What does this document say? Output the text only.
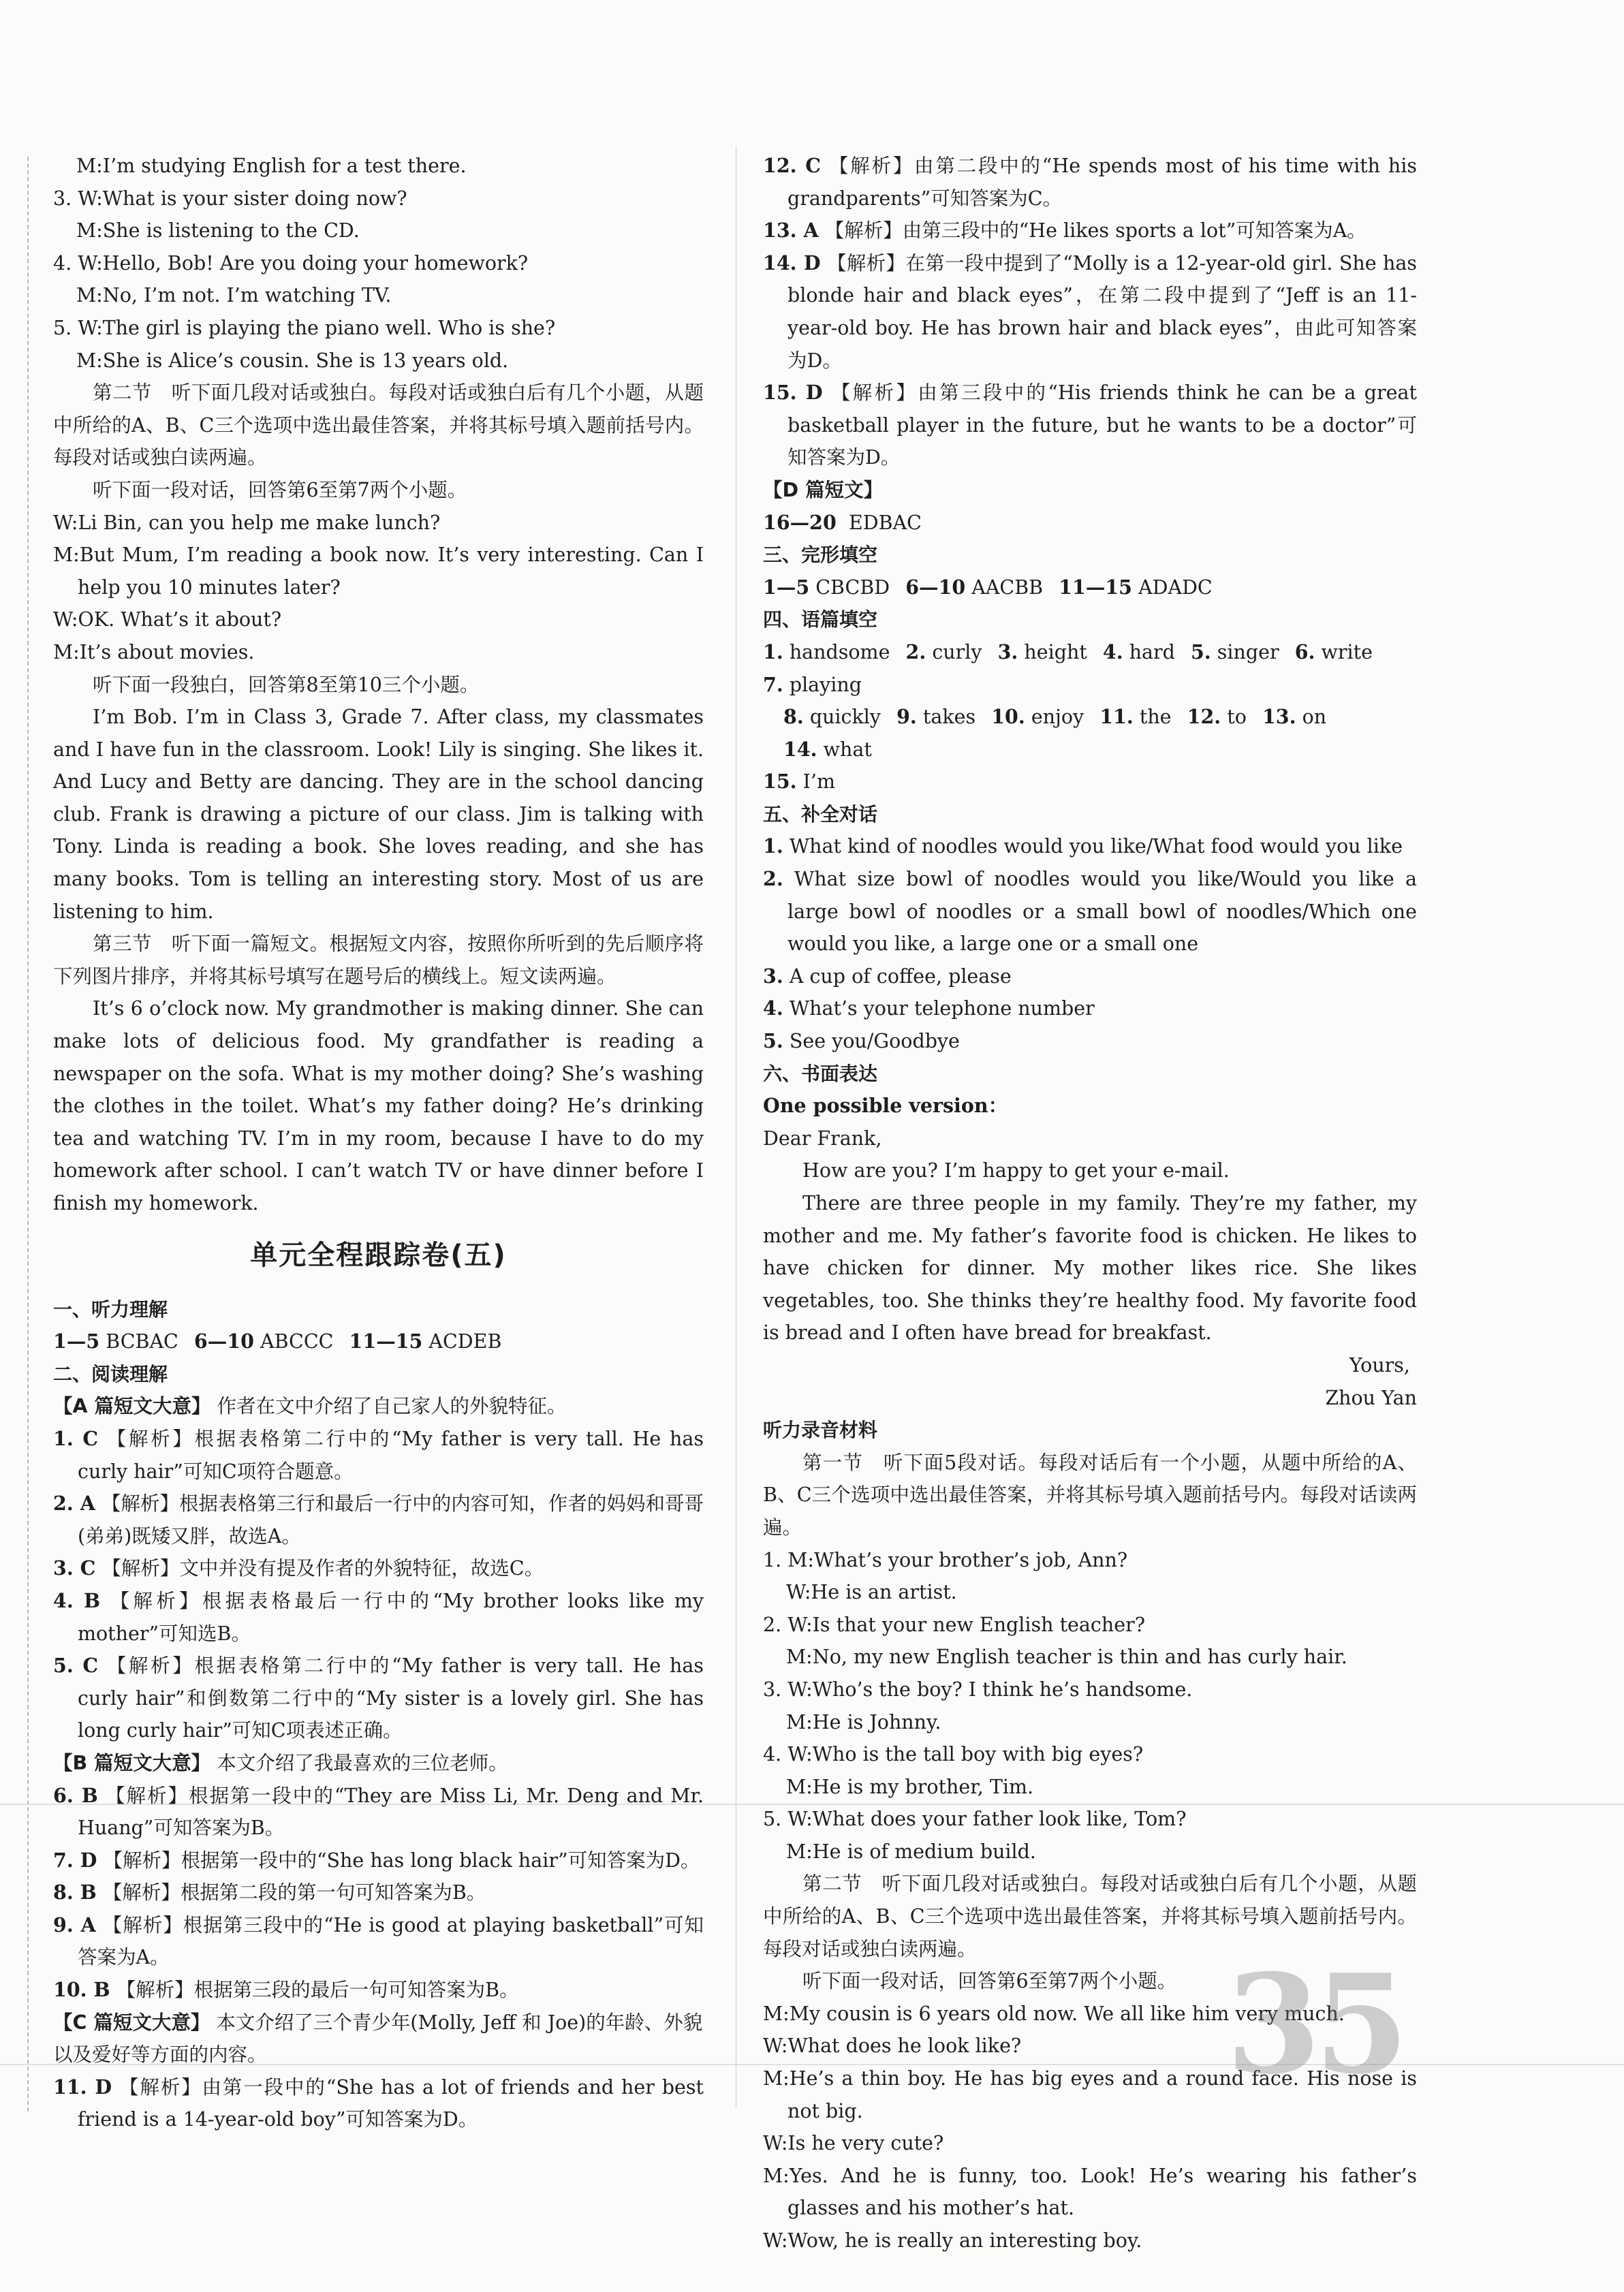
M:I’m studying English for a test there.

3. W:What is your sister doing now?

M:She is listening to the CD.

4. W:Hello, Bob! Are you doing your homework?

M:No, I’m not. I’m watching TV.

5. W:The girl is playing the piano well. Who is she?

M:She is Alice’s cousin. She is 13 years old.

第二节　听下面几段对话或独白。每段对话或独白后有几个小题，从题中所给的A、B、C三个选项中选出最佳答案，并将其标号填入题前括号内。每段对话或独白读两遍。

听下面一段对话，回答第6至第7两个小题。

W:Li Bin, can you help me make lunch?

M:But Mum, I’m reading a book now. It’s very interesting. Can I help you 10 minutes later?

W:OK. What’s it about?

M:It’s about movies.

听下面一段独白，回答第8至第10三个小题。

I’m Bob. I’m in Class 3, Grade 7. After class, my classmates and I have fun in the classroom. Look! Lily is singing. She likes it. And Lucy and Betty are dancing. They are in the school dancing club. Frank is drawing a picture of our class. Jim is talking with Tony. Linda is reading a book. She loves reading, and she has many books. Tom is telling an interesting story. Most of us are listening to him.

第三节　听下面一篇短文。根据短文内容，按照你所听到的先后顺序将下列图片排序，并将其标号填写在题号后的横线上。短文读两遍。

It’s 6 o’clock now. My grandmother is making dinner. She can make lots of delicious food. My grandfather is reading a newspaper on the sofa. What is my mother doing? She’s washing the clothes in the toilet. What’s my father doing? He’s drinking tea and watching TV. I’m in my room, because I have to do my homework after school. I can’t watch TV or have dinner before I finish my homework.

单元全程跟踪卷(五)

一、听力理解

1—5 BCBAC 6—10 ABCCC 11—15 ACDEB

二、阅读理解

【A 篇短文大意】 作者在文中介绍了自己家人的外貌特征。

1. C 【解析】根据表格第二行中的“My father is very tall. He has curly hair”可知C项符合题意。

2. A 【解析】根据表格第三行和最后一行中的内容可知，作者的妈妈和哥哥(弟弟)既矮又胖，故选A。

3. C 【解析】文中并没有提及作者的外貌特征，故选C。

4. B 【解析】根据表格最后一行中的“My brother looks like my mother”可知选B。

5. C 【解析】根据表格第二行中的“My father is very tall. He has curly hair”和倒数第二行中的“My sister is a lovely girl. She has long curly hair”可知C项表述正确。

【B 篇短文大意】 本文介绍了我最喜欢的三位老师。

6. B 【解析】根据第一段中的“They are Miss Li, Mr. Deng and Mr. Huang”可知答案为B。

7. D 【解析】根据第一段中的“She has long black hair”可知答案为D。

8. B 【解析】根据第二段的第一句可知答案为B。

9. A 【解析】根据第三段中的“He is good at playing basketball”可知答案为A。

10. B 【解析】根据第三段的最后一句可知答案为B。

【C 篇短文大意】 本文介绍了三个青少年(Molly, Jeff 和 Joe)的年龄、外貌以及爱好等方面的内容。

11. D 【解析】由第一段中的“She has a lot of friends and her best friend is a 14-year-old boy”可知答案为D。

12. C 【解析】由第二段中的“He spends most of his time with his grandparents”可知答案为C。

13. A 【解析】由第三段中的“He likes sports a lot”可知答案为A。

14. D 【解析】在第一段中提到了“Molly is a 12-year-old girl. She has blonde hair and black eyes”，在第二段中提到了“Jeff is an 11-year-old boy. He has brown hair and black eyes”，由此可知答案为D。

15. D 【解析】由第三段中的“His friends think he can be a great basketball player in the future, but he wants to be a doctor”可知答案为D。

【D 篇短文】

16—20 EDBAC

三、完形填空

1—5 CBCBD 6—10 AACBB 11—15 ADADC

四、语篇填空

1. handsome 2. curly 3. height 4. hard 5. singer 6. write 7. playing

8. quickly 9. takes 10. enjoy 11. the 12. to 13. on 14. what

15. I’m

五、补全对话

1. What kind of noodles would you like/What food would you like

2. What size bowl of noodles would you like/Would you like a large bowl of noodles or a small bowl of noodles/Which one would you like, a large one or a small one

3. A cup of coffee, please

4. What’s your telephone number

5. See you/Goodbye

六、书面表达

One possible version：

Dear Frank,

How are you? I’m happy to get your e-mail.

There are three people in my family. They’re my father, my mother and me. My father’s favorite food is chicken. He likes to have chicken for dinner. My mother likes rice. She likes vegetables, too. She thinks they’re healthy food. My favorite food is bread and I often have bread for breakfast.

Yours,

Zhou Yan

听力录音材料

第一节　听下面5段对话。每段对话后有一个小题，从题中所给的A、B、C三个选项中选出最佳答案，并将其标号填入题前括号内。每段对话读两遍。

1. M:What’s your brother’s job, Ann?

W:He is an artist.

2. W:Is that your new English teacher?

M:No, my new English teacher is thin and has curly hair.

3. W:Who’s the boy? I think he’s handsome.

M:He is Johnny.

4. W:Who is the tall boy with big eyes?

M:He is my brother, Tim.

5. W:What does your father look like, Tom?

M:He is of medium build.

第二节　听下面几段对话或独白。每段对话或独白后有几个小题，从题中所给的A、B、C三个选项中选出最佳答案，并将其标号填入题前括号内。每段对话或独白读两遍。

听下面一段对话，回答第6至第7两个小题。

M:My cousin is 6 years old now. We all like him very much.

W:What does he look like?

M:He’s a thin boy. He has big eyes and a round face. His nose is not big.

W:Is he very cute?

M:Yes. And he is funny, too. Look! He’s wearing his father’s glasses and his mother’s hat.

W:Wow, he is really an interesting boy.

35
